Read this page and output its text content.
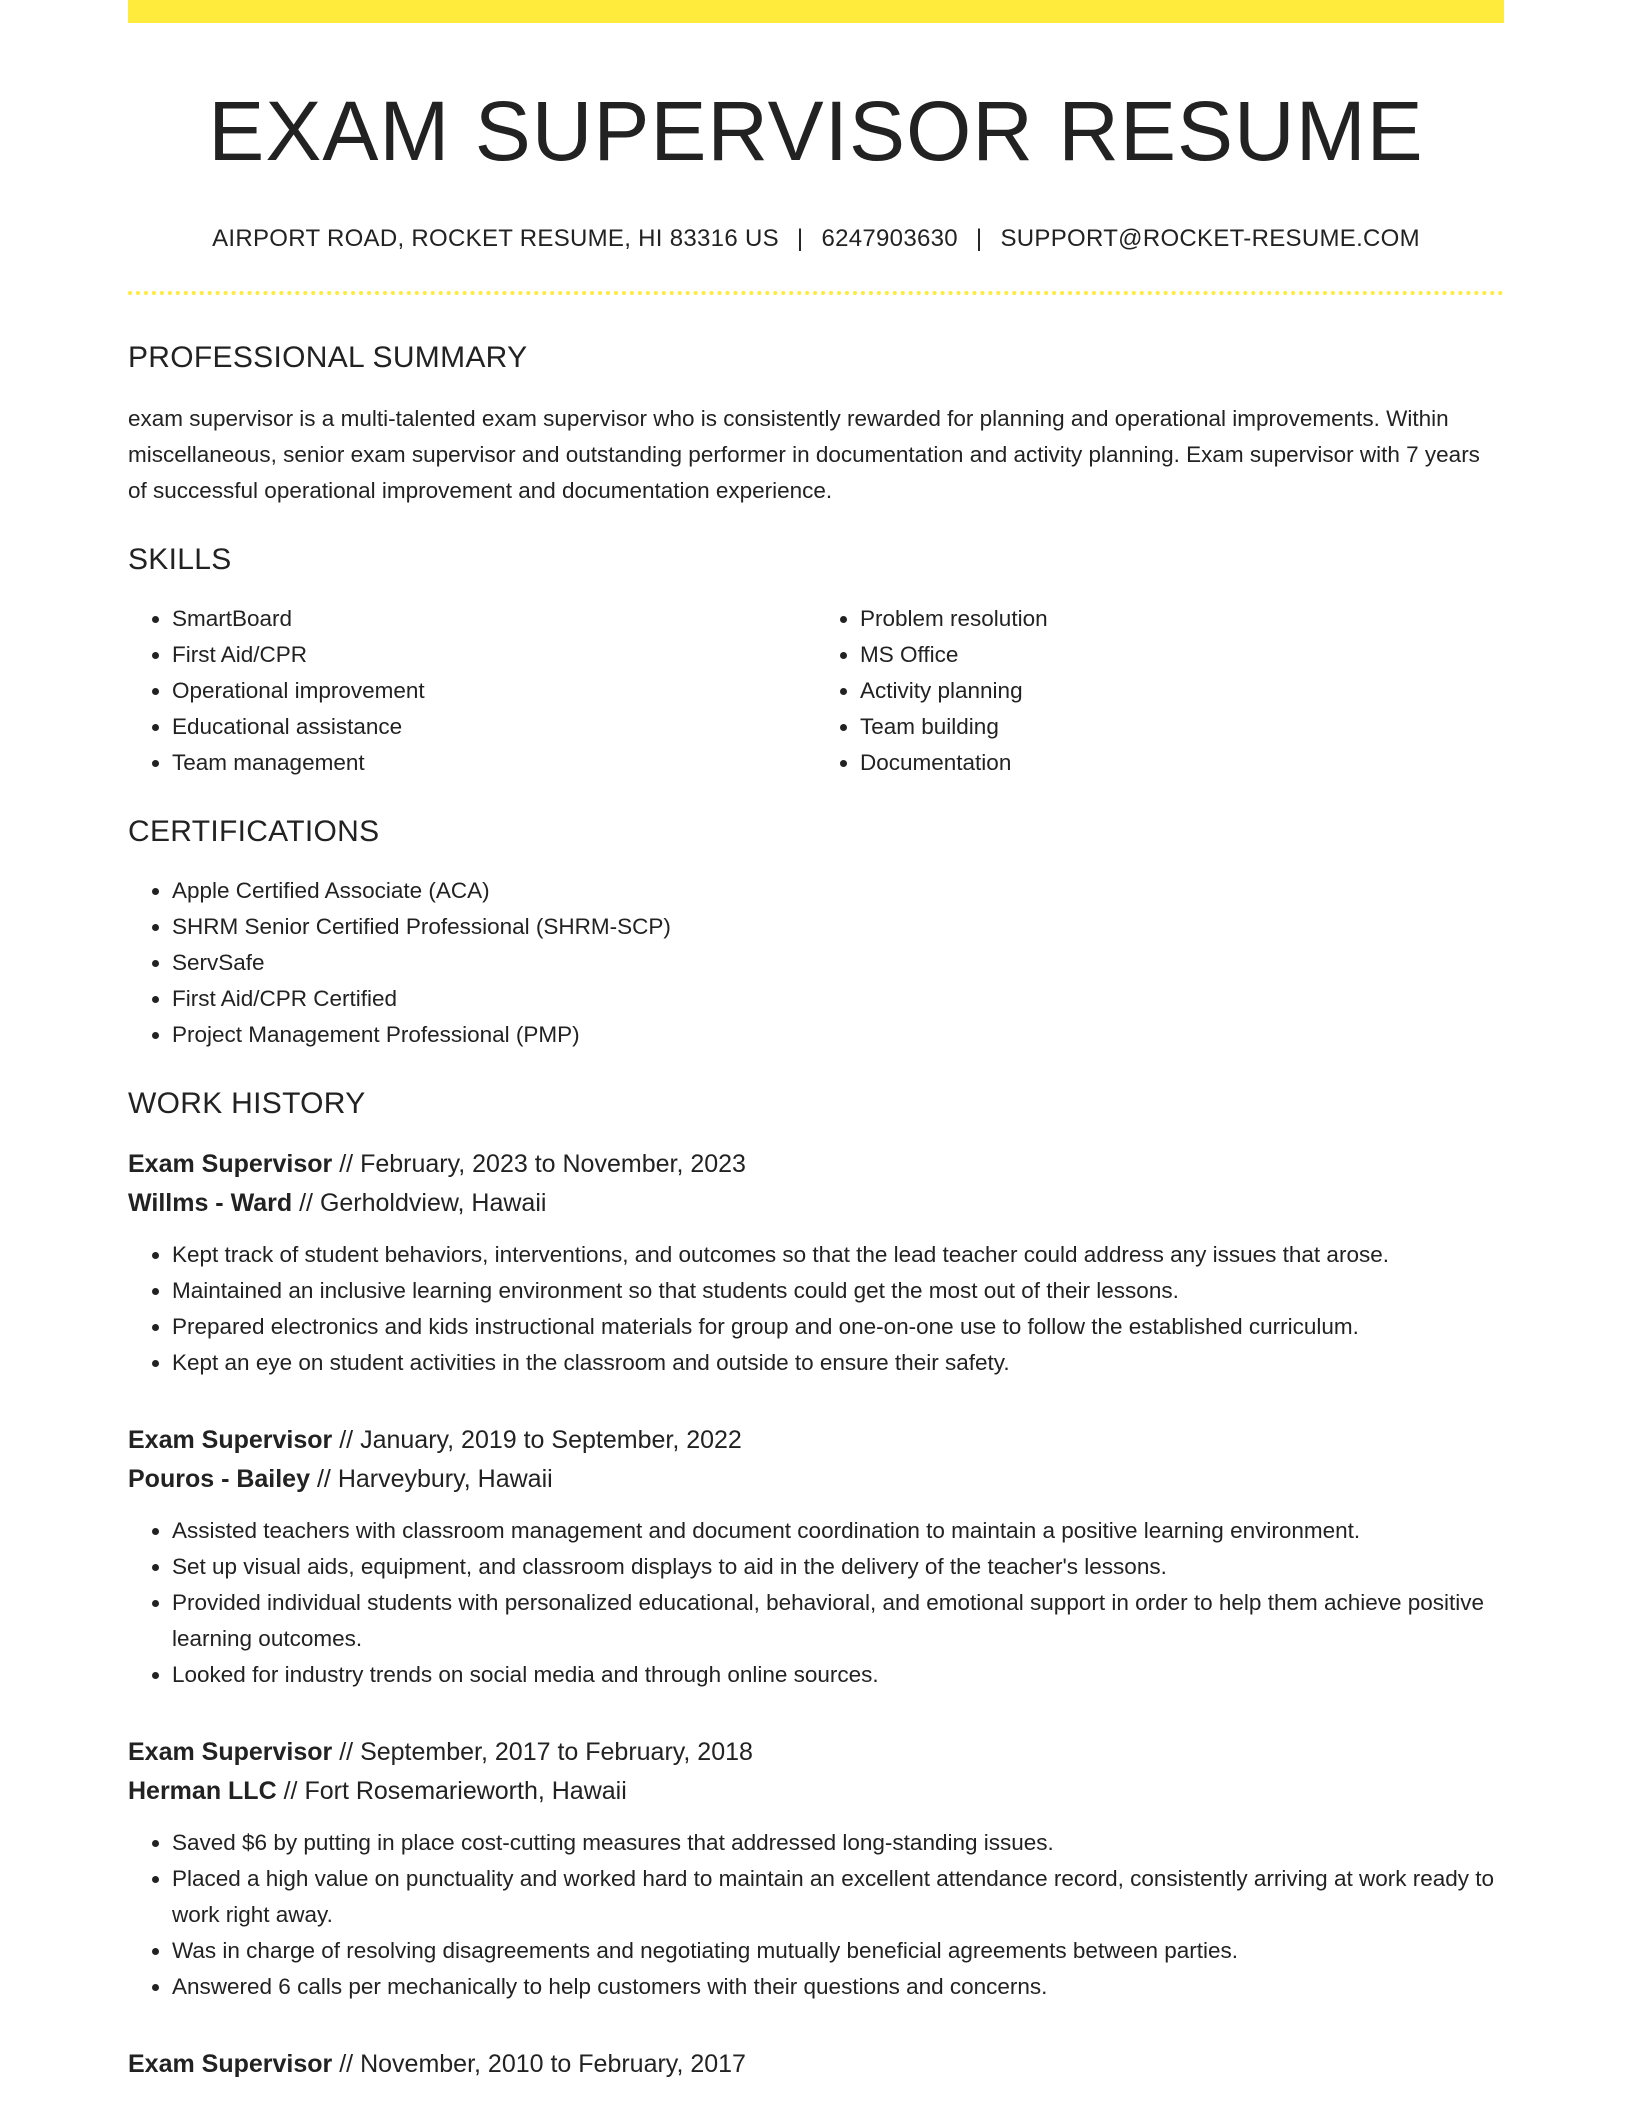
EXAM SUPERVISOR RESUME
AIRPORT ROAD, ROCKET RESUME, HI 83316 US | 6247903630 | SUPPORT@ROCKET-RESUME.COM
PROFESSIONAL SUMMARY

exam supervisor is a multi-talented exam supervisor who is consistently rewarded for planning and operational improvements. Within miscellaneous, senior exam supervisor and outstanding performer in documentation and activity planning. Exam supervisor with 7 years of successful operational improvement and documentation experience.

SKILLS
• SmartBoard
• First Aid/CPR
• Operational improvement
• Educational assistance
• Team management
• Problem resolution
• MS Office
• Activity planning
• Team building
• Documentation
CERTIFICATIONS
• Apple Certified Associate (ACA)
• SHRM Senior Certified Professional (SHRM-SCP)
• ServSafe
• First Aid/CPR Certified
• Project Management Professional (PMP)
WORK HISTORY
Exam Supervisor // February, 2023 to November, 2023
Willms - Ward // Gerholdview, Hawaii
• Kept track of student behaviors, interventions, and outcomes so that the lead teacher could address any issues that arose.
• Maintained an inclusive learning environment so that students could get the most out of their lessons.
• Prepared electronics and kids instructional materials for group and one-on-one use to follow the established curriculum.
• Kept an eye on student activities in the classroom and outside to ensure their safety.
Exam Supervisor // January, 2019 to September, 2022
Pouros - Bailey // Harveybury, Hawaii
• Assisted teachers with classroom management and document coordination to maintain a positive learning environment.
• Set up visual aids, equipment, and classroom displays to aid in the delivery of the teacher's lessons.
• Provided individual students with personalized educational, behavioral, and emotional support in order to help them achieve positive learning outcomes.
• Looked for industry trends on social media and through online sources.
Exam Supervisor // September, 2017 to February, 2018
Herman LLC // Fort Rosemarieworth, Hawaii
• Saved $6 by putting in place cost-cutting measures that addressed long-standing issues.
• Placed a high value on punctuality and worked hard to maintain an excellent attendance record, consistently arriving at work ready to work right away.
• Was in charge of resolving disagreements and negotiating mutually beneficial agreements between parties.
• Answered 6 calls per mechanically to help customers with their questions and concerns.
Exam Supervisor // November, 2010 to February, 2017
